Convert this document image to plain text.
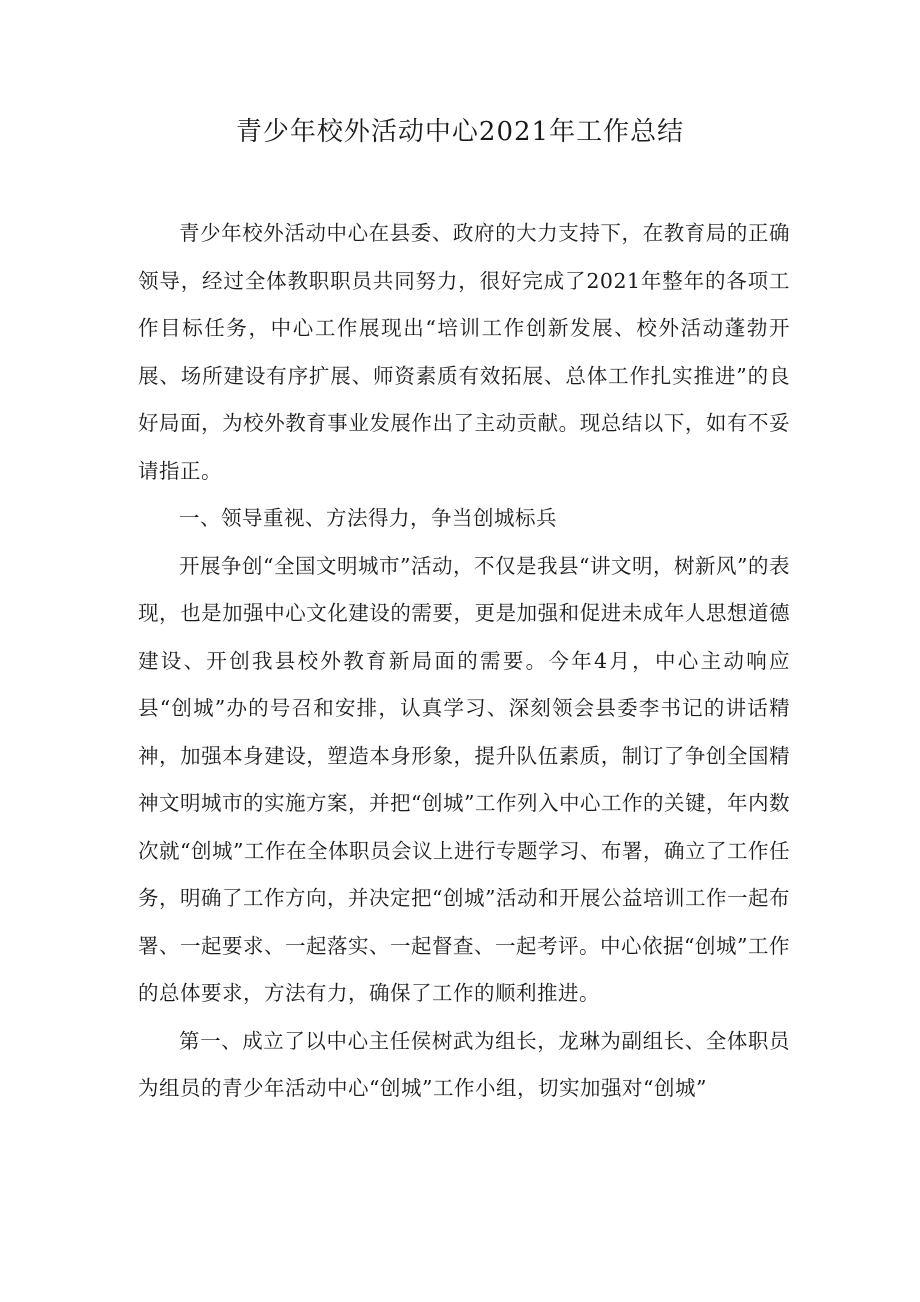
青少年校外活动中心2021年工作总结

青少年校外活动中心在县委、政府的大力支持下，在教育局的正确领导，经过全体教职职员共同努力，很好完成了2021年整年的各项工作目标任务，中心工作展现出“培训工作创新发展、校外活动蓬勃开展、场所建设有序扩展、师资素质有效拓展、总体工作扎实推进”的良好局面，为校外教育事业发展作出了主动贡献。现总结以下，如有不妥请指正。

一、领导重视、方法得力，争当创城标兵

开展争创“全国文明城市”活动，不仅是我县“讲文明，树新风”的表现，也是加强中心文化建设的需要，更是加强和促进未成年人思想道德建设、开创我县校外教育新局面的需要。今年4月，中心主动响应县“创城”办的号召和安排，认真学习、深刻领会县委李书记的讲话精神，加强本身建设，塑造本身形象，提升队伍素质，制订了争创全国精神文明城市的实施方案，并把“创城”工作列入中心工作的关键，年内数次就“创城”工作在全体职员会议上进行专题学习、布署，确立了工作任务，明确了工作方向，并决定把“创城”活动和开展公益培训工作一起布署、一起要求、一起落实、一起督查、一起考评。中心依据“创城”工作的总体要求，方法有力，确保了工作的顺利推进。

第一、成立了以中心主任侯树武为组长，龙琳为副组长、全体职员为组员的青少年活动中心“创城”工作小组，切实加强对“创城”
